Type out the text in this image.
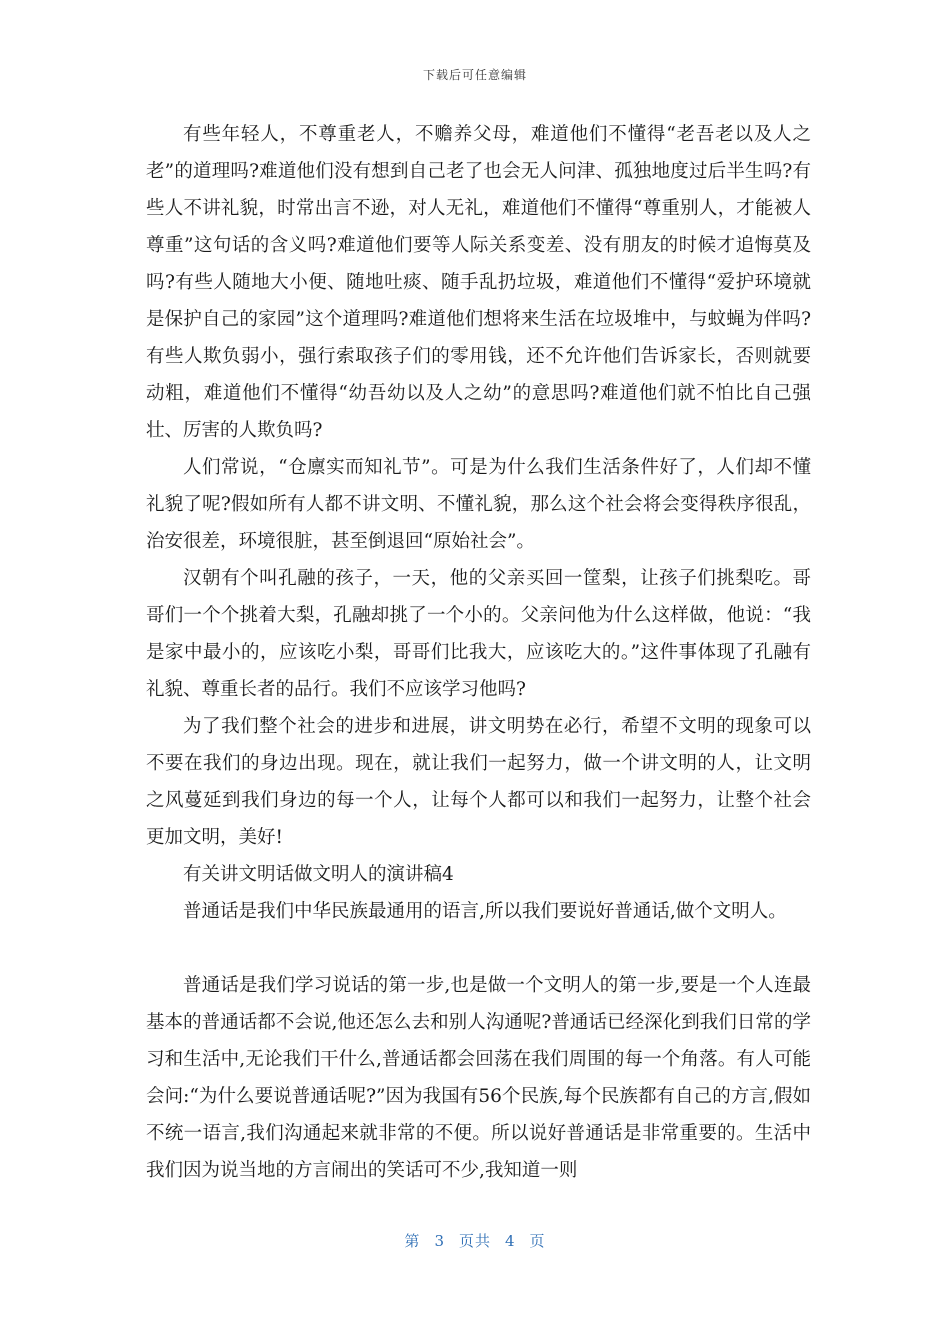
下载后可任意编辑

有些年轻人，不尊重老人，不赡养父母，难道他们不懂得“老吾老以及人之老”的道理吗?难道他们没有想到自己老了也会无人问津、孤独地度过后半生吗?有些人不讲礼貌，时常出言不逊，对人无礼，难道他们不懂得“尊重别人，才能被人尊重”这句话的含义吗?难道他们要等人际关系变差、没有朋友的时候才追悔莫及吗?有些人随地大小便、随地吐痰、随手乱扔垃圾，难道他们不懂得“爱护环境就是保护自己的家园”这个道理吗?难道他们想将来生活在垃圾堆中，与蚊蝇为伴吗?有些人欺负弱小，强行索取孩子们的零用钱，还不允许他们告诉家长，否则就要动粗，难道他们不懂得“幼吾幼以及人之幼”的意思吗?难道他们就不怕比自己强壮、厉害的人欺负吗?

人们常说，“仓廪实而知礼节”。可是为什么我们生活条件好了，人们却不懂礼貌了呢?假如所有人都不讲文明、不懂礼貌，那么这个社会将会变得秩序很乱，治安很差，环境很脏，甚至倒退回“原始社会”。

汉朝有个叫孔融的孩子，一天，他的父亲买回一筐梨，让孩子们挑梨吃。哥哥们一个个挑着大梨，孔融却挑了一个小的。父亲问他为什么这样做，他说：“我是家中最小的，应该吃小梨，哥哥们比我大，应该吃大的。”这件事体现了孔融有礼貌、尊重长者的品行。我们不应该学习他吗?

为了我们整个社会的进步和进展，讲文明势在必行，希望不文明的现象可以不要在我们的身边出现。现在，就让我们一起努力，做一个讲文明的人，让文明之风蔓延到我们身边的每一个人，让每个人都可以和我们一起努力，让整个社会更加文明，美好!

有关讲文明话做文明人的演讲稿4

普通话是我们中华民族最通用的语言,所以我们要说好普通话,做个文明人。

普通话是我们学习说话的第一步,也是做一个文明人的第一步,要是一个人连最基本的普通话都不会说,他还怎么去和别人沟通呢?普通话已经深化到我们日常的学习和生活中,无论我们干什么,普通话都会回荡在我们周围的每一个角落。有人可能会问:“为什么要说普通话呢?”因为我国有56个民族,每个民族都有自己的方言,假如不统一语言,我们沟通起来就非常的不便。所以说好普通话是非常重要的。生活中我们因为说当地的方言闹出的笑话可不少,我知道一则

第 3 页共 4 页
